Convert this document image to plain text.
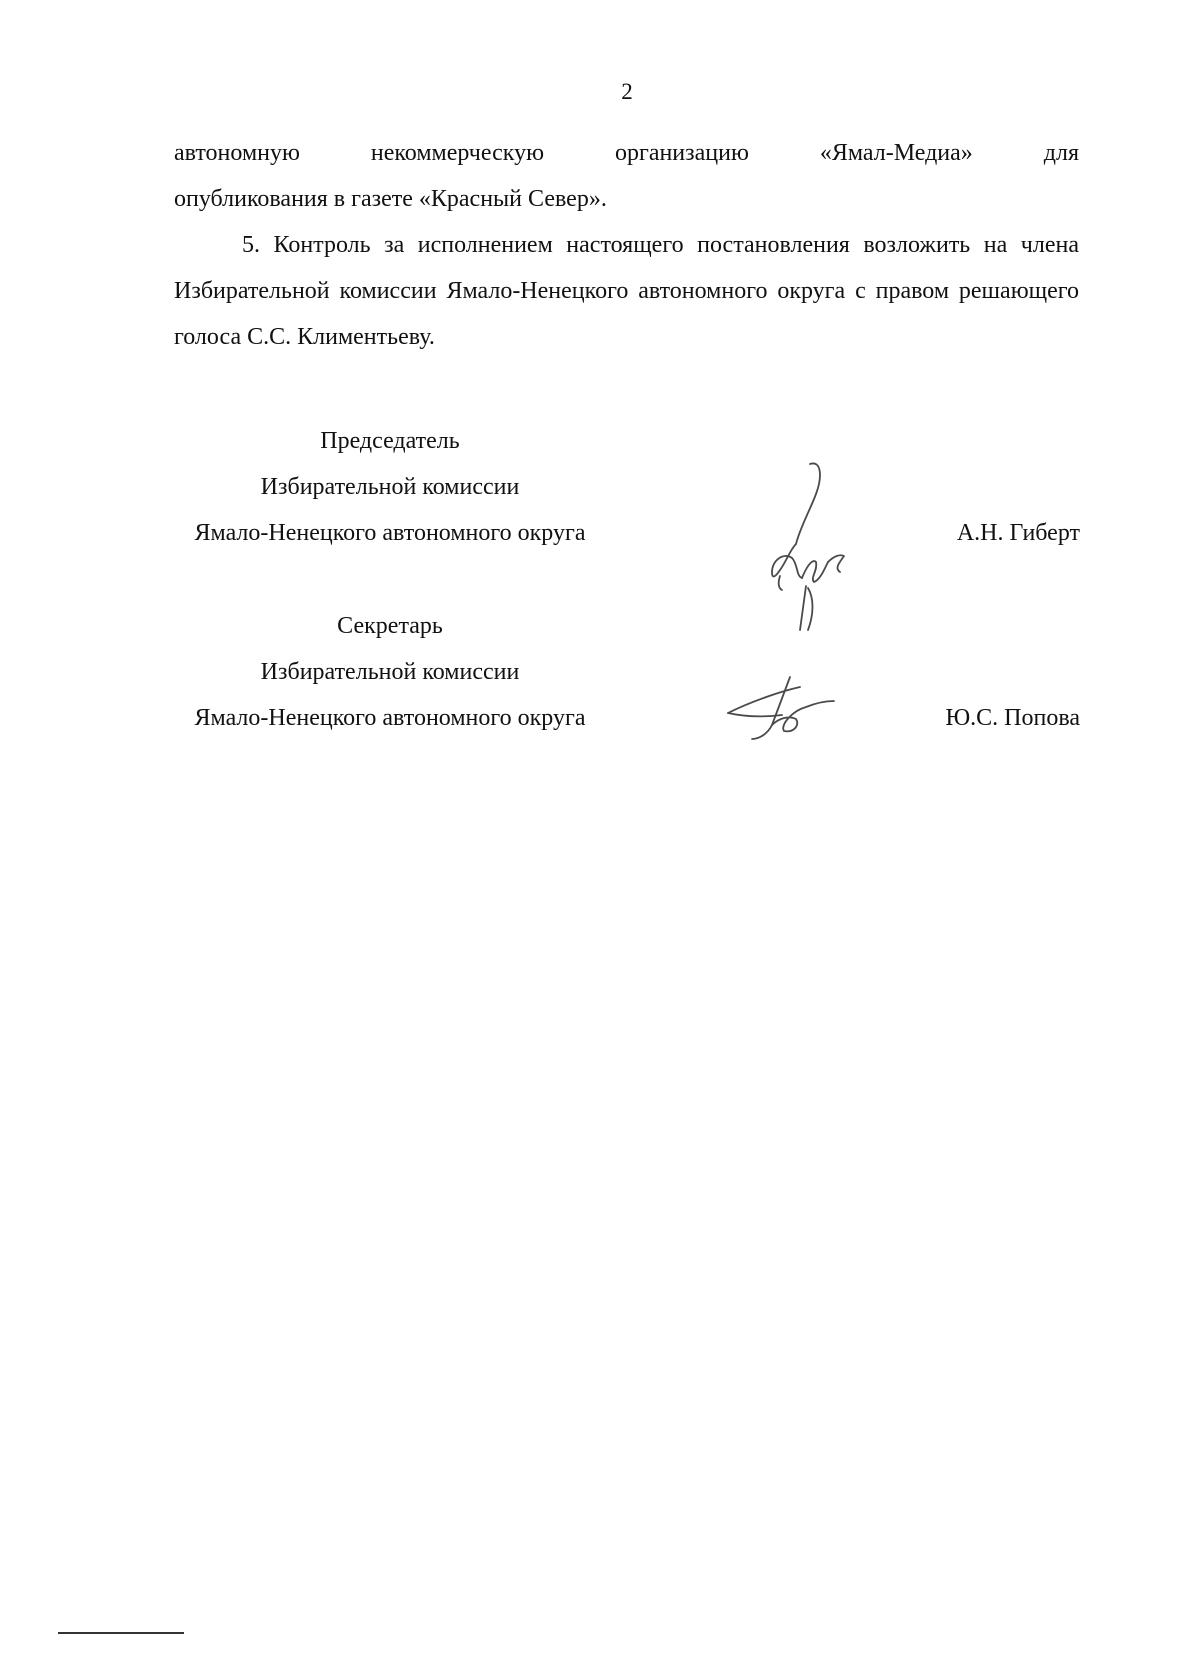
2

автономную некоммерческую организацию «Ямал-Медиа» для

опубликования в газете «Красный Север».

5. Контроль за исполнением настоящего постановления возложить на члена Избирательной комиссии Ямало-Ненецкого автономного округа с правом решающего голоса С.С. Климентьеву.

Председатель
Избирательной комиссии
Ямало-Ненецкого автономного округа	А.Н. Гиберт
Секретарь
Избирательной комиссии
Ямало-Ненецкого автономного округа	Ю.С. Попова
